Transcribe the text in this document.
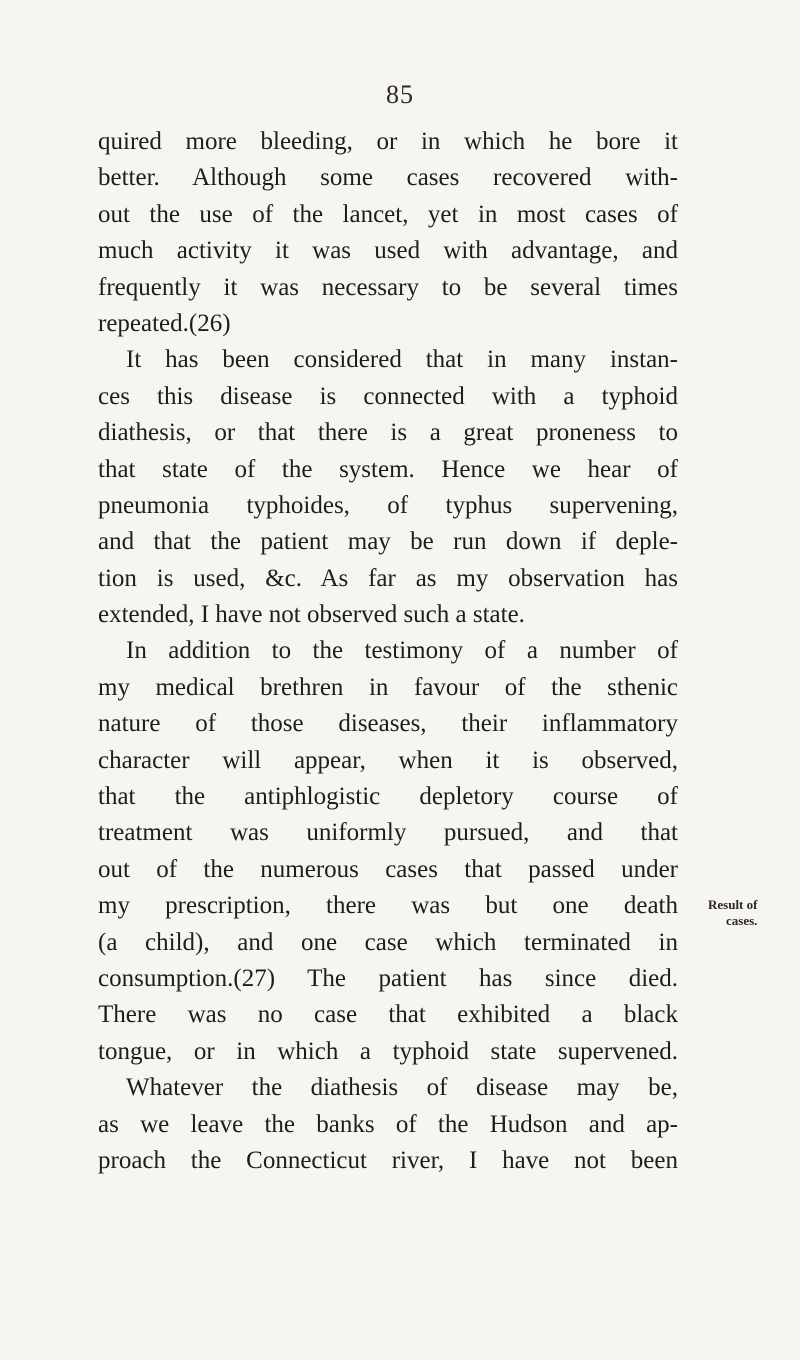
85
quired more bleeding, or in which he bore it
better. Although some cases recovered with-
out the use of the lancet, yet in most cases of
much activity it was used with advantage, and
frequently it was necessary to be several times
repeated.(26)
It has been considered that in many instan-
ces this disease is connected with a typhoid
diathesis, or that there is a great proneness to
that state of the system. Hence we hear of
pneumonia typhoides, of typhus supervening,
and that the patient may be run down if deple-
tion is used, &c. As far as my observation has
extended, I have not observed such a state.
In addition to the testimony of a number of
my medical brethren in favour of the sthenic
nature of those diseases, their inflammatory
character will appear, when it is observed,
that the antiphlogistic depletory course of
treatment was uniformly pursued, and that
out of the numerous cases that passed under
my prescription, there was but one death
(a child), and one case which terminated in
consumption.(27) The patient has since died.
There was no case that exhibited a black
tongue, or in which a typhoid state supervened.
Whatever the diathesis of disease may be,
as we leave the banks of the Hudson and ap-
proach the Connecticut river, I have not been
Result of
cases.
